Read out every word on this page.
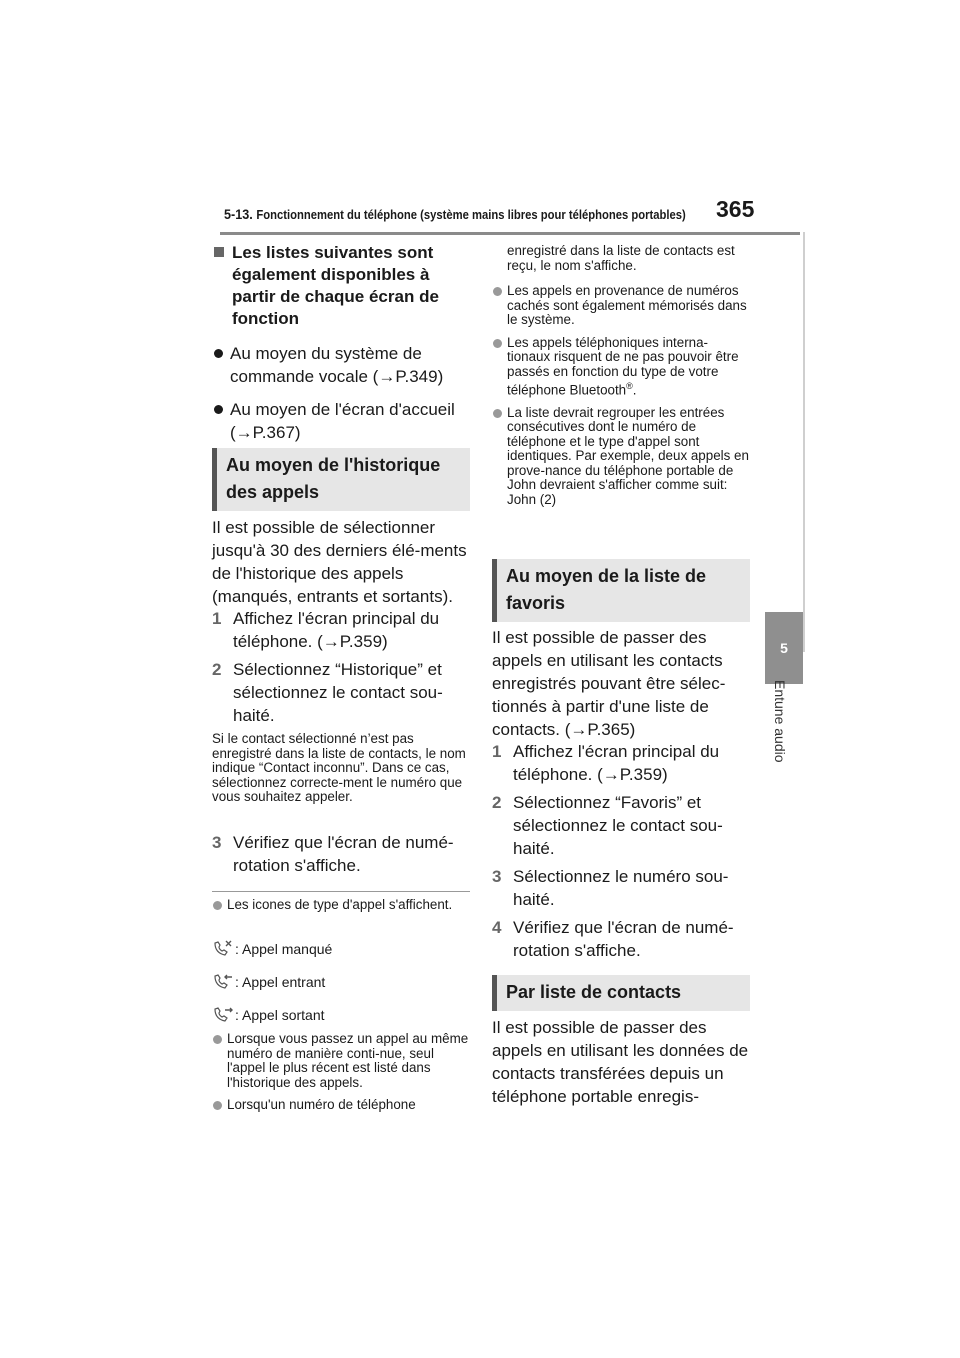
5-13. Fonctionnement du téléphone (système mains libres pour téléphones portables) 365
5
Entune audio
Les listes suivantes sont également disponibles à partir de chaque écran de fonction
Au moyen du système de commande vocale (→P.349)
Au moyen de l'écran d'accueil (→P.367)
Au moyen de l'historique des appels
Il est possible de sélectionner jusqu'à 30 des derniers élé-ments de l'historique des appels (manqués, entrants et sortants).
1 Affichez l'écran principal du téléphone. (→P.359)
2 Sélectionnez “Historique” et sélectionnez le contact sou-haité.
Si le contact sélectionné n’est pas enregistré dans la liste de contacts, le nom indique “Contact inconnu”. Dans ce cas, sélectionnez correcte-ment le numéro que vous souhaitez appeler.
3 Vérifiez que l'écran de numé-rotation s'affiche.
Les icones de type d'appel s'affichent.
: Appel manqué
: Appel entrant
: Appel sortant
Lorsque vous passez un appel au même numéro de manière conti-nue, seul l'appel le plus récent est listé dans l'historique des appels.
Lorsqu'un numéro de téléphone
enregistré dans la liste de contacts est reçu, le nom s'affiche.
Les appels en provenance de numéros cachés sont également mémorisés dans le système.
Les appels téléphoniques interna-tionaux risquent de ne pas pouvoir être passés en fonction du type de votre téléphone Bluetooth®.
La liste devrait regrouper les entrées consécutives dont le numéro de téléphone et le type d'appel sont identiques. Par exemple, deux appels en prove-nance du téléphone portable de John devraient s'afficher comme suit: John (2)
Au moyen de la liste de favoris
Il est possible de passer des appels en utilisant les contacts enregistrés pouvant être sélec-tionnés à partir d'une liste de contacts. (→P.365)
1 Affichez l'écran principal du téléphone. (→P.359)
2 Sélectionnez “Favoris” et sélectionnez le contact sou-haité.
3 Sélectionnez le numéro sou-haité.
4 Vérifiez que l'écran de numé-rotation s'affiche.
Par liste de contacts
Il est possible de passer des appels en utilisant les données de contacts transférées depuis un téléphone portable enregis-
